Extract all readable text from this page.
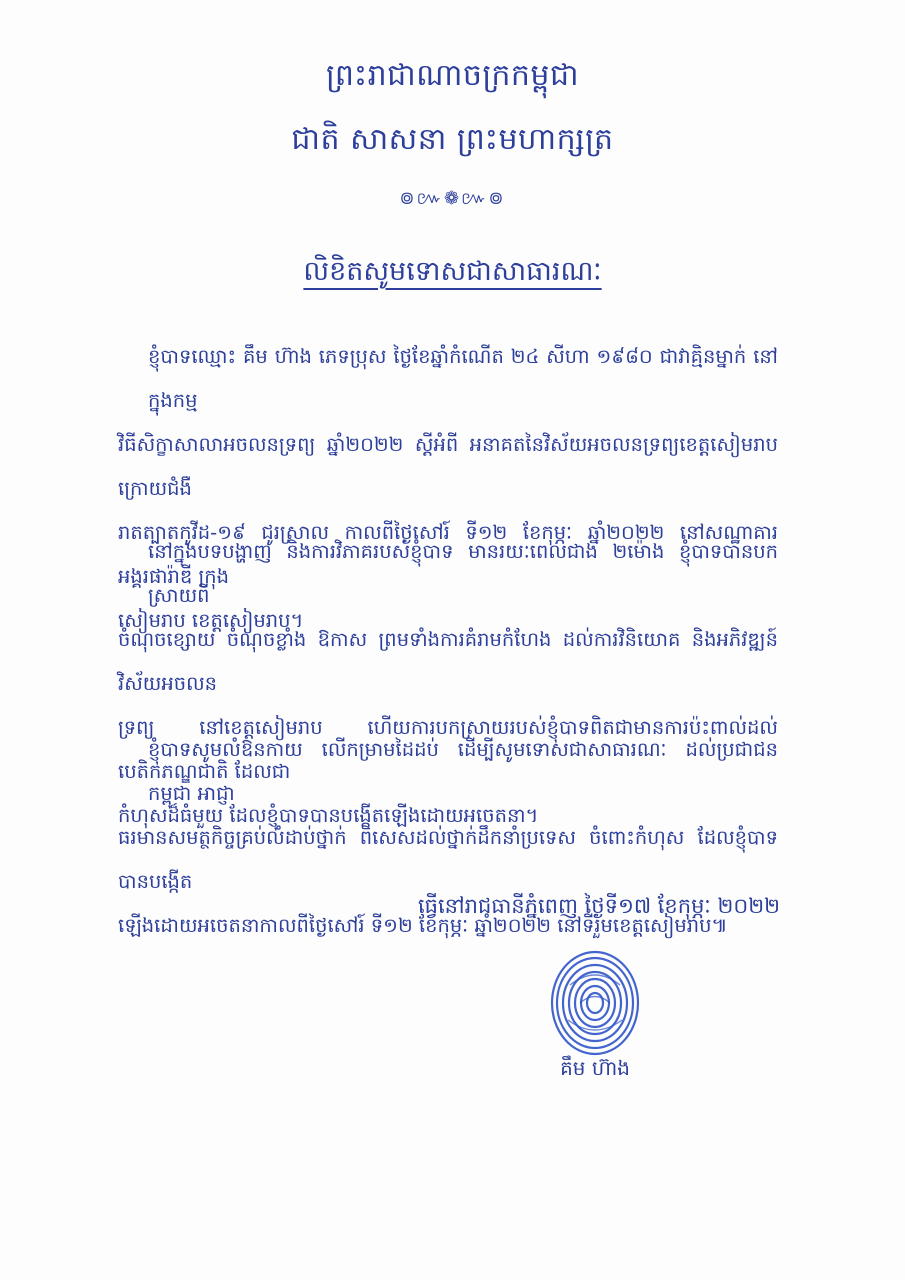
ព្រះរាជាណាចក្រកម្ពុជា
ជាតិ សាសនា ព្រះមហាក្សត្រ
៙៚❁៚៙
លិខិតសូមទោសជាសាធារណៈ
ខ្ញុំបាទឈ្មោះ គឹម ហ៊ាង ភេទប្រុស ថ្ងៃខែឆ្នាំកំណើត ២៤ សីហា ១៩៨០ ជាវាគ្មិនម្នាក់ នៅក្នុងកម្ម
វិធីសិក្ខាសាលាអចលនទ្រព្យ ឆ្នាំ២០២២ ស្តីអំពី អនាគតនៃវិស័យអចលនទ្រព្យខេត្តសៀមរាប ក្រោយជំងឺ
រាតត្បាតកូវីដ-១៩ ជូរស្រាល កាលពីថ្ងៃសៅរ៍ ទី១២ ខែកុម្ភៈ ឆ្នាំ២០២២ នៅសណ្ឋាគារ អង្គរផារ៉ាឌី ក្រុង
សៀមរាប ខេត្តសៀមរាប។
នៅក្នុងបទបង្ហាញ និងការវិភាគរបស់ខ្ញុំបាទ មានរយៈពេលជាង ២ម៉ោង ខ្ញុំបាទបានបកស្រាយពី
ចំណុចខ្សោយ ចំណុចខ្លាំង ឱកាស ព្រមទាំងការគំរាមកំហែង ដល់ការវិនិយោគ និងអភិវឌ្ឍន៍វិស័យអចលន
ទ្រព្យ នៅខេត្តសៀមរាប ហើយការបកស្រាយរបស់ខ្ញុំបាទពិតជាមានការប៉ះពាល់ដល់បេតិកភណ្ឌជាតិ ដែលជា
កំហុសដ៏ធំមួយ ដែលខ្ញុំបាទបានបង្កើតឡើងដោយអចេតនា។
ខ្ញុំបាទសូមលំឱនកាយ លើកម្រាមដៃដប់ ដើម្បីសូមទោសជាសាធារណៈ ដល់ប្រជាជនកម្ពុជា អាជ្ញា
ធរមានសមត្ថកិច្ចគ្រប់លំដាប់ថ្នាក់ ពិសេសដល់ថ្នាក់ដឹកនាំប្រទេស ចំពោះកំហុស ដែលខ្ញុំបាទបានបង្កើត
ឡើងដោយអចេតនាកាលពីថ្ងៃសៅរ៍ ទី១២ ខែកុម្ភៈ ឆ្នាំ២០២២ នៅទីរួមខេត្តសៀមរាប៕
ធ្វើនៅរាជធានីភ្នំពេញ ថ្ងៃទី១៧ ខែកុម្ភៈ ២០២២
គឹម ហ៊ាង
